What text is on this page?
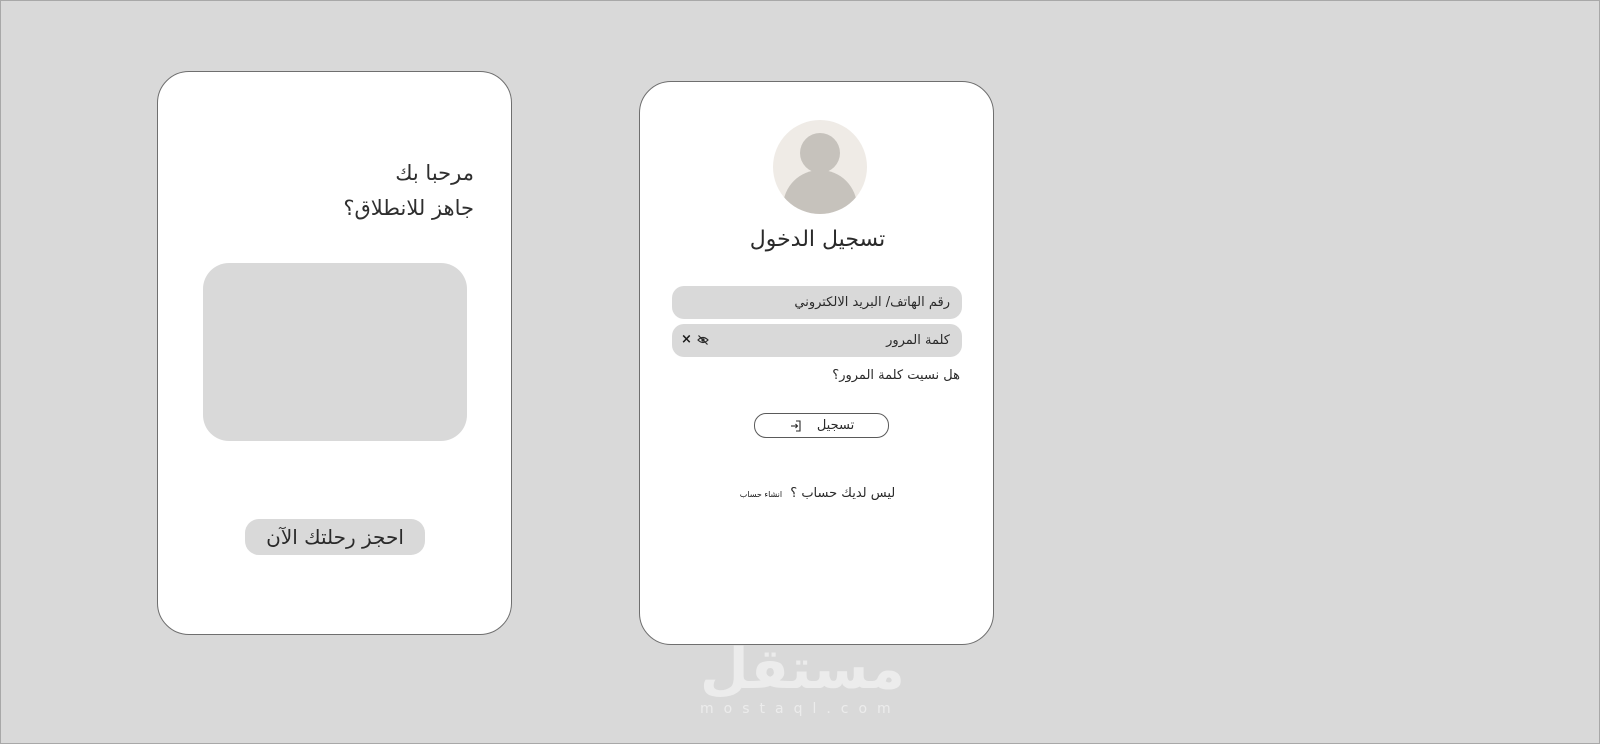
مرحبا بك
جاهز للانطلاق؟
احجز رحلتك الآن
تسجيل الدخول
رقم الهاتف/ البريد الالكتروني
×
هل نسيت كلمة المرور؟
تسجيل
ليس لديك حساب ؟ انشاء حساب
مستقل
mostaql.com
